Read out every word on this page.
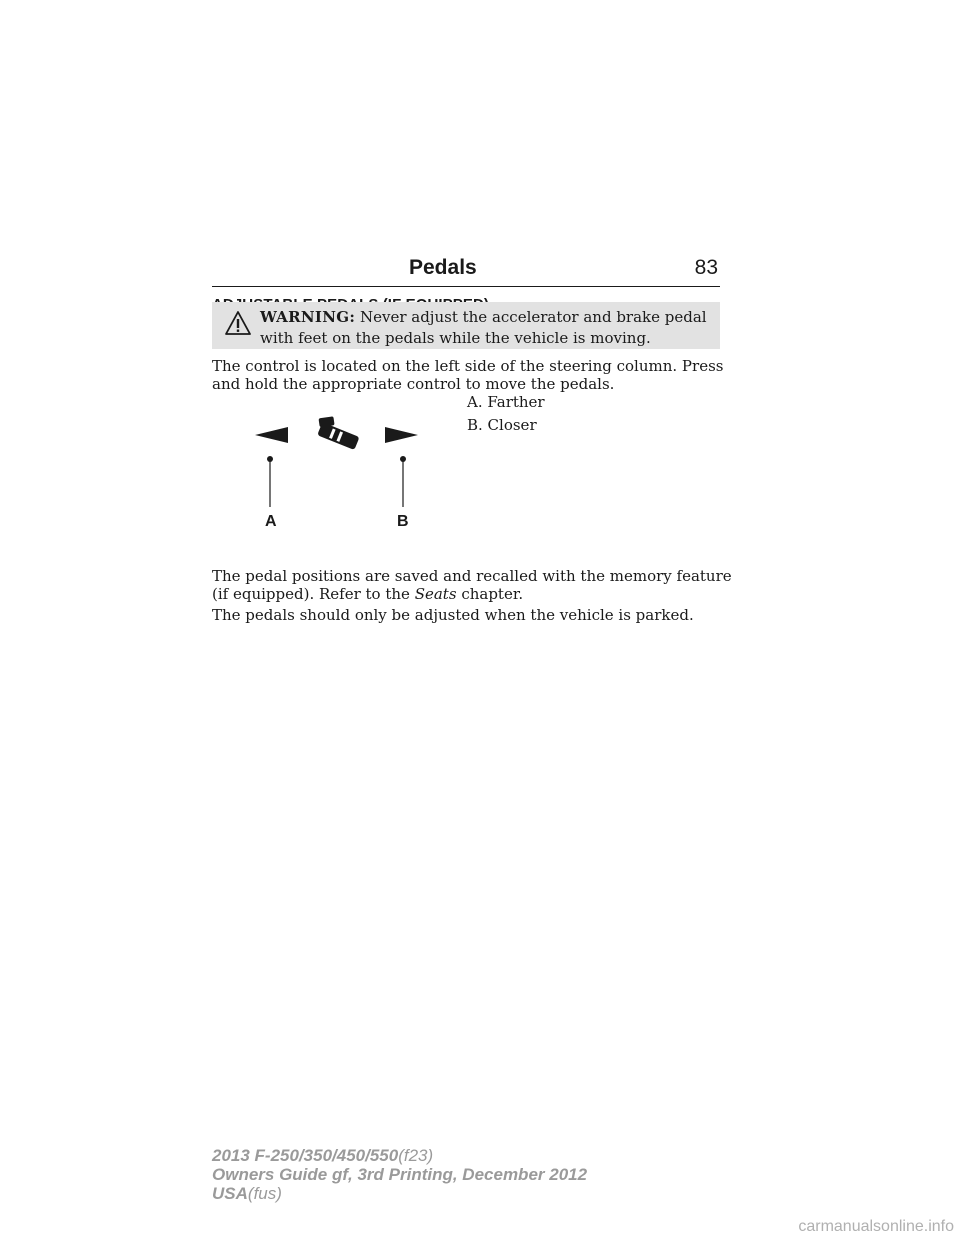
Pedals	83
WARNING: Never adjust the accelerator and brake pedal with feet on the pedals while the vehicle is moving.
The control is located on the left side of the steering column. Press and hold the appropriate control to move the pedals.
A. Farther
B. Closer
A	B
The pedal positions are saved and recalled with the memory feature (if equipped). Refer to the Seats chapter.
The pedals should only be adjusted when the vehicle is parked.
2013 F-250/350/450/550(f23)
Owners Guide gf, 3rd Printing, December 2012
USA(fus)
carmanualsonline.info
